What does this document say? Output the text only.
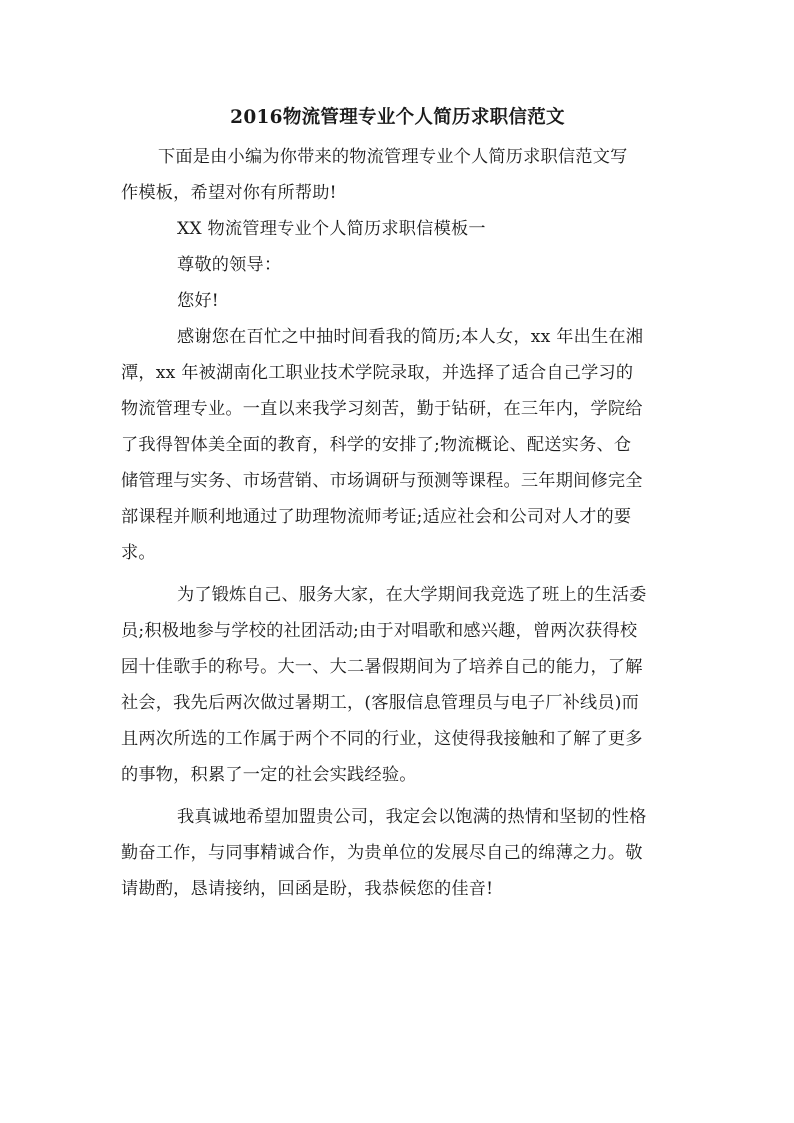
2016物流管理专业个人简历求职信范文

下面是由小编为你带来的物流管理专业个人简历求职信范文写
作模板，希望对你有所帮助!

XX 物流管理专业个人简历求职信模板一

尊敬的领导：

您好!

感谢您在百忙之中抽时间看我的简历;本人女，xx 年出生在湘
潭，xx 年被湖南化工职业技术学院录取，并选择了适合自己学习的
物流管理专业。一直以来我学习刻苦，勤于钻研，在三年内，学院给
了我得智体美全面的教育，科学的安排了;物流概论、配送实务、仓
储管理与实务、市场营销、市场调研与预测等课程。三年期间修完全
部课程并顺利地通过了助理物流师考证;适应社会和公司对人才的要
求。

为了锻炼自己、服务大家，在大学期间我竞选了班上的生活委
员;积极地参与学校的社团活动;由于对唱歌和感兴趣，曾两次获得校
园十佳歌手的称号。大一、大二暑假期间为了培养自己的能力，了解
社会，我先后两次做过暑期工，(客服信息管理员与电子厂补线员)而
且两次所选的工作属于两个不同的行业，这使得我接触和了解了更多
的事物，积累了一定的社会实践经验。

我真诚地希望加盟贵公司，我定会以饱满的热情和坚韧的性格
勤奋工作，与同事精诚合作，为贵单位的发展尽自己的绵薄之力。敬
请勘酌，恳请接纳，回函是盼，我恭候您的佳音!
